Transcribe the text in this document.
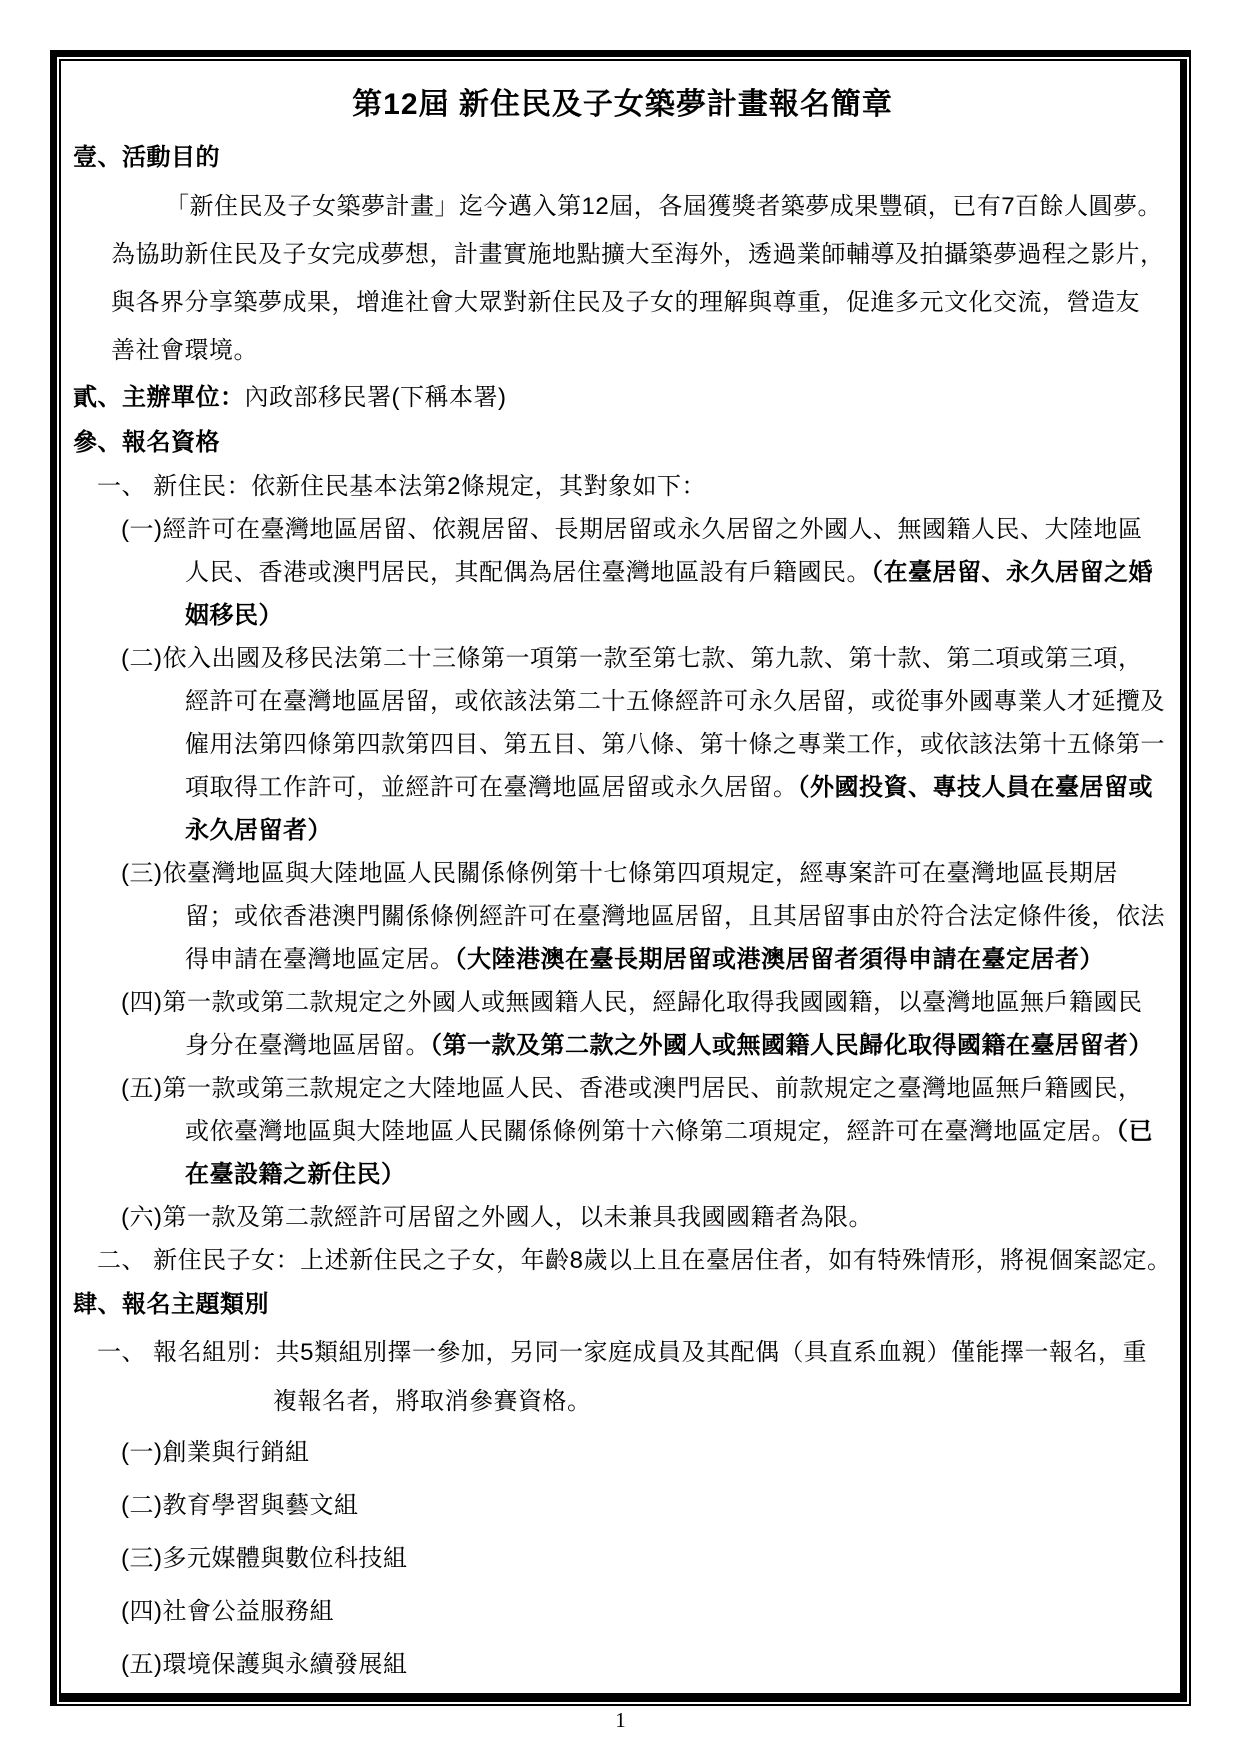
第12屆 新住民及子女築夢計畫報名簡章
壹、活動目的
「新住民及子女築夢計畫」迄今邁入第12屆，各屆獲獎者築夢成果豐碩，已有7百餘人圓夢。
為協助新住民及子女完成夢想，計畫實施地點擴大至海外，透過業師輔導及拍攝築夢過程之影片，
與各界分享築夢成果，增進社會大眾對新住民及子女的理解與尊重，促進多元文化交流，營造友
善社會環境。
貳、主辦單位：內政部移民署(下稱本署)
參、報名資格
一、 新住民：依新住民基本法第2條規定，其對象如下：
(一)經許可在臺灣地區居留、依親居留、長期居留或永久居留之外國人、無國籍人民、大陸地區
人民、香港或澳門居民，其配偶為居住臺灣地區設有戶籍國民。（在臺居留、永久居留之婚
姻移民）
(二)依入出國及移民法第二十三條第一項第一款至第七款、第九款、第十款、第二項或第三項，
經許可在臺灣地區居留，或依該法第二十五條經許可永久居留，或從事外國專業人才延攬及
僱用法第四條第四款第四目、第五目、第八條、第十條之專業工作，或依該法第十五條第一
項取得工作許可，並經許可在臺灣地區居留或永久居留。（外國投資、專技人員在臺居留或
永久居留者）
(三)依臺灣地區與大陸地區人民關係條例第十七條第四項規定，經專案許可在臺灣地區長期居
留；或依香港澳門關係條例經許可在臺灣地區居留，且其居留事由於符合法定條件後，依法
得申請在臺灣地區定居。（大陸港澳在臺長期居留或港澳居留者須得申請在臺定居者）
(四)第一款或第二款規定之外國人或無國籍人民，經歸化取得我國國籍，以臺灣地區無戶籍國民
身分在臺灣地區居留。（第一款及第二款之外國人或無國籍人民歸化取得國籍在臺居留者）
(五)第一款或第三款規定之大陸地區人民、香港或澳門居民、前款規定之臺灣地區無戶籍國民，
或依臺灣地區與大陸地區人民關係條例第十六條第二項規定，經許可在臺灣地區定居。（已
在臺設籍之新住民）
(六)第一款及第二款經許可居留之外國人，以未兼具我國國籍者為限。
二、 新住民子女：上述新住民之子女，年齡8歲以上且在臺居住者，如有特殊情形，將視個案認定。
肆、報名主題類別
一、 報名組別：共5類組別擇一參加，另同一家庭成員及其配偶（具直系血親）僅能擇一報名，重
複報名者，將取消參賽資格。
(一)創業與行銷組
(二)教育學習與藝文組
(三)多元媒體與數位科技組
(四)社會公益服務組
(五)環境保護與永續發展組
1
